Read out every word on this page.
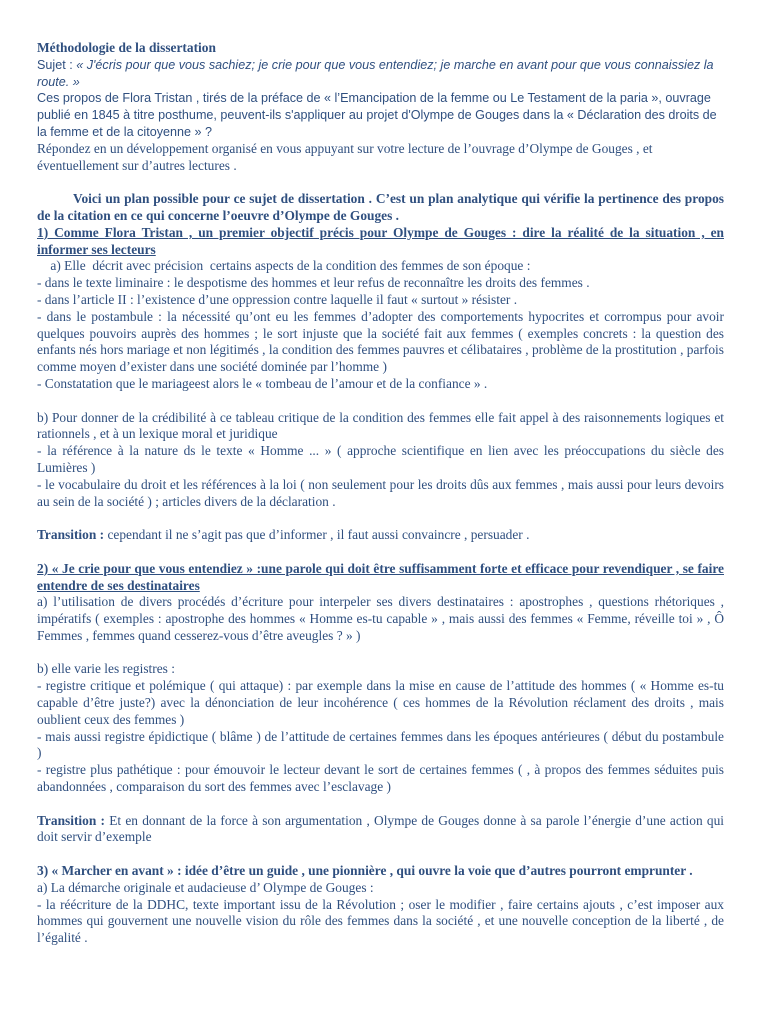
Méthodologie de la dissertation

Sujet : « J'écris pour que vous sachiez; je crie pour que vous entendiez; je marche en avant pour que vous connaissiez la route. »

Ces propos de Flora Tristan , tirés de la préface de « l’Emancipation de la femme ou Le Testament de la paria », ouvrage publié en 1845 à titre posthume, peuvent-ils s'appliquer au projet d'Olympe de Gouges dans la « Déclaration des droits de la femme et de la citoyenne » ?

Répondez en un développement organisé en vous appuyant sur votre lecture de l’ouvrage d’Olympe de Gouges , et éventuellement sur d’autres lectures .

Voici un plan possible pour ce sujet de dissertation . C’est un plan analytique qui vérifie la pertinence des propos de la citation en ce qui concerne l’oeuvre d’Olympe de Gouges .

1) Comme Flora Tristan , un premier objectif précis pour Olympe de Gouges : dire la réalité de la situation , en informer ses lecteurs

a) Elle  décrit avec précision  certains aspects de la condition des femmes de son époque :

- dans le texte liminaire : le despotisme des hommes et leur refus de reconnaître les droits des femmes .

- dans l’article II : l’existence d’une oppression contre laquelle il faut « surtout » résister .

- dans le postambule : la nécessité qu’ont eu les femmes d’adopter des comportements hypocrites et corrompus pour avoir quelques pouvoirs auprès des hommes ; le sort injuste que la société fait aux femmes ( exemples concrets : la question des enfants nés hors mariage et non légitimés , la condition des femmes pauvres et célibataires , problème de la prostitution , parfois comme moyen d’exister dans une société dominée par l’homme )

- Constatation que le mariageest alors le « tombeau de l’amour et de la confiance » .

b) Pour donner de la crédibilité à ce tableau critique de la condition des femmes elle fait appel à des raisonnements logiques et rationnels , et à un lexique moral et juridique

- la référence à la nature ds le texte « Homme ... » ( approche scientifique en lien avec les préoccupations du siècle des Lumières )

- le vocabulaire du droit et les références à la loi ( non seulement pour les droits dûs aux femmes , mais aussi pour leurs devoirs au sein de la société ) ; articles divers de la déclaration .

Transition : cependant il ne s’agit pas que d’informer , il faut aussi convaincre , persuader .

2) « Je crie pour que vous entendiez » :une parole qui doit être suffisamment forte et efficace pour revendiquer , se faire entendre de ses destinataires

a) l’utilisation de divers procédés d’écriture pour interpeler ses divers destinataires : apostrophes , questions rhétoriques , impératifs ( exemples : apostrophe des hommes « Homme es-tu capable » , mais aussi des femmes « Femme, réveille toi » , Ô Femmes , femmes quand cesserez-vous d’être aveugles ? » )

b) elle varie les registres :

- registre critique et polémique ( qui attaque) : par exemple dans la mise en cause de l’attitude des hommes ( « Homme es-tu capable d’être juste?) avec la dénonciation de leur incohérence ( ces hommes de la Révolution réclament des droits , mais oublient ceux des femmes )

- mais aussi registre épidictique ( blâme ) de l’attitude de certaines femmes dans les époques antérieures ( début du postambule )

- registre plus pathétique : pour émouvoir le lecteur devant le sort de certaines femmes ( , à propos des femmes séduites puis abandonnées , comparaison du sort des femmes avec l’esclavage )

Transition : Et en donnant de la force à son argumentation , Olympe de Gouges donne à sa parole l’énergie d’une action qui doit servir d’exemple

3) « Marcher en avant » : idée d’être un guide , une pionnière , qui ouvre la voie que d’autres pourront emprunter .

a) La démarche originale et audacieuse d’ Olympe de Gouges :

- la réécriture de la DDHC, texte important issu de la Révolution ; oser le modifier , faire certains ajouts , c’est imposer aux hommes qui gouvernent une nouvelle vision du rôle des femmes dans la société , et une nouvelle conception de la liberté , de l’égalité .
